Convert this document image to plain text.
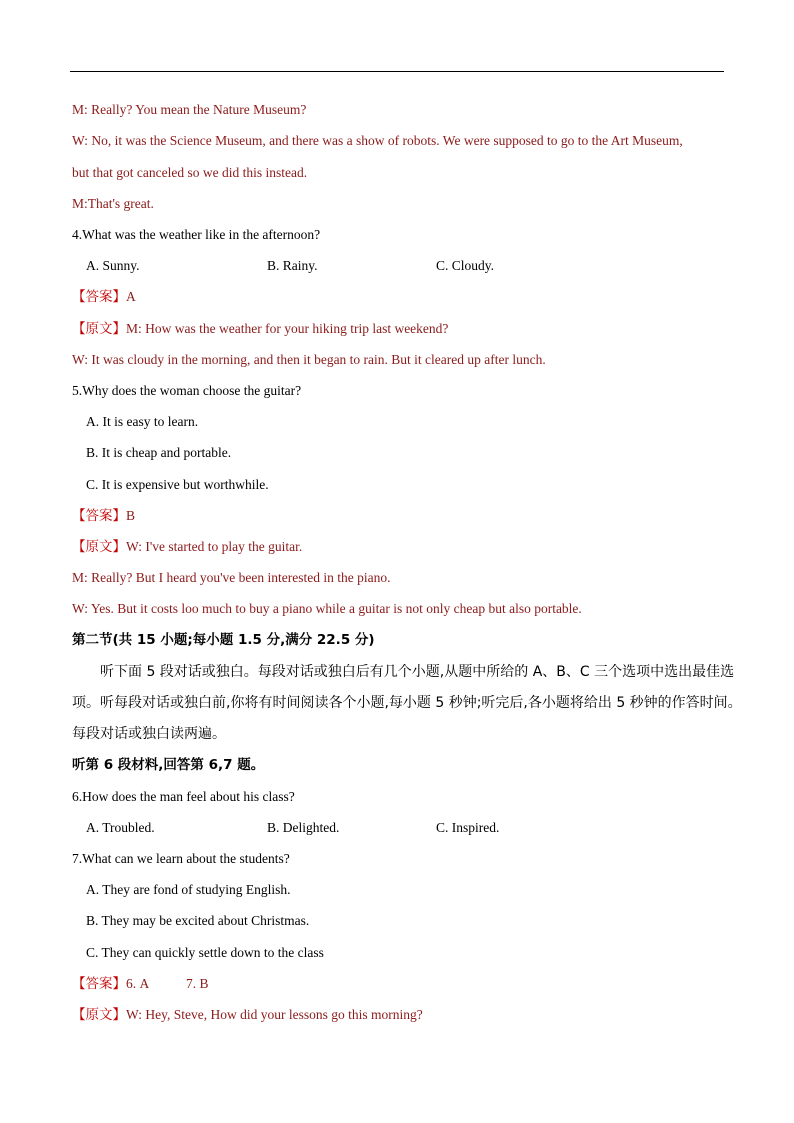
M: Really? You mean the Nature Museum?
W: No, it was the Science Museum, and there was a show of robots. We were supposed to go to the Art Museum,
but that got canceled so we did this instead.
M:That's great.
4.What was the weather like in the afternoon?
A. Sunny.	B. Rainy.	C. Cloudy.
【答案】A
【原文】M: How was the weather for your hiking trip last weekend?
W: It was cloudy in the morning, and then it began to rain. But it cleared up after lunch.
5.Why does the woman choose the guitar?
A. It is easy to learn.
B. It is cheap and portable.
C. It is expensive but worthwhile.
【答案】B
【原文】W: I've started to play the guitar.
M: Really? But I heard you've been interested in the piano.
W: Yes. But it costs loo much to buy a piano while a guitar is not only cheap but also portable.
第二节(共 15 小题;每小题 1.5 分,满分 22.5 分)
听下面 5 段对话或独白。每段对话或独白后有几个小题,从题中所给的 A、B、C 三个选项中选出最佳选
项。听每段对话或独白前,你将有时间阅读各个小题,每小题 5 秒钟;听完后,各小题将给出 5 秒钟的作答时间。
每段对话或独白读两遍。
听第 6 段材料,回答第 6,7 题。
6.How does the man feel about his class?
A. Troubled.	B. Delighted.	C. Inspired.
7.What can we learn about the students?
A. They are fond of studying English.
B. They may be excited about Christmas.
C. They can quickly settle down to the class
【答案】6. A	7. B
【原文】W: Hey, Steve, How did your lessons go this morning?
